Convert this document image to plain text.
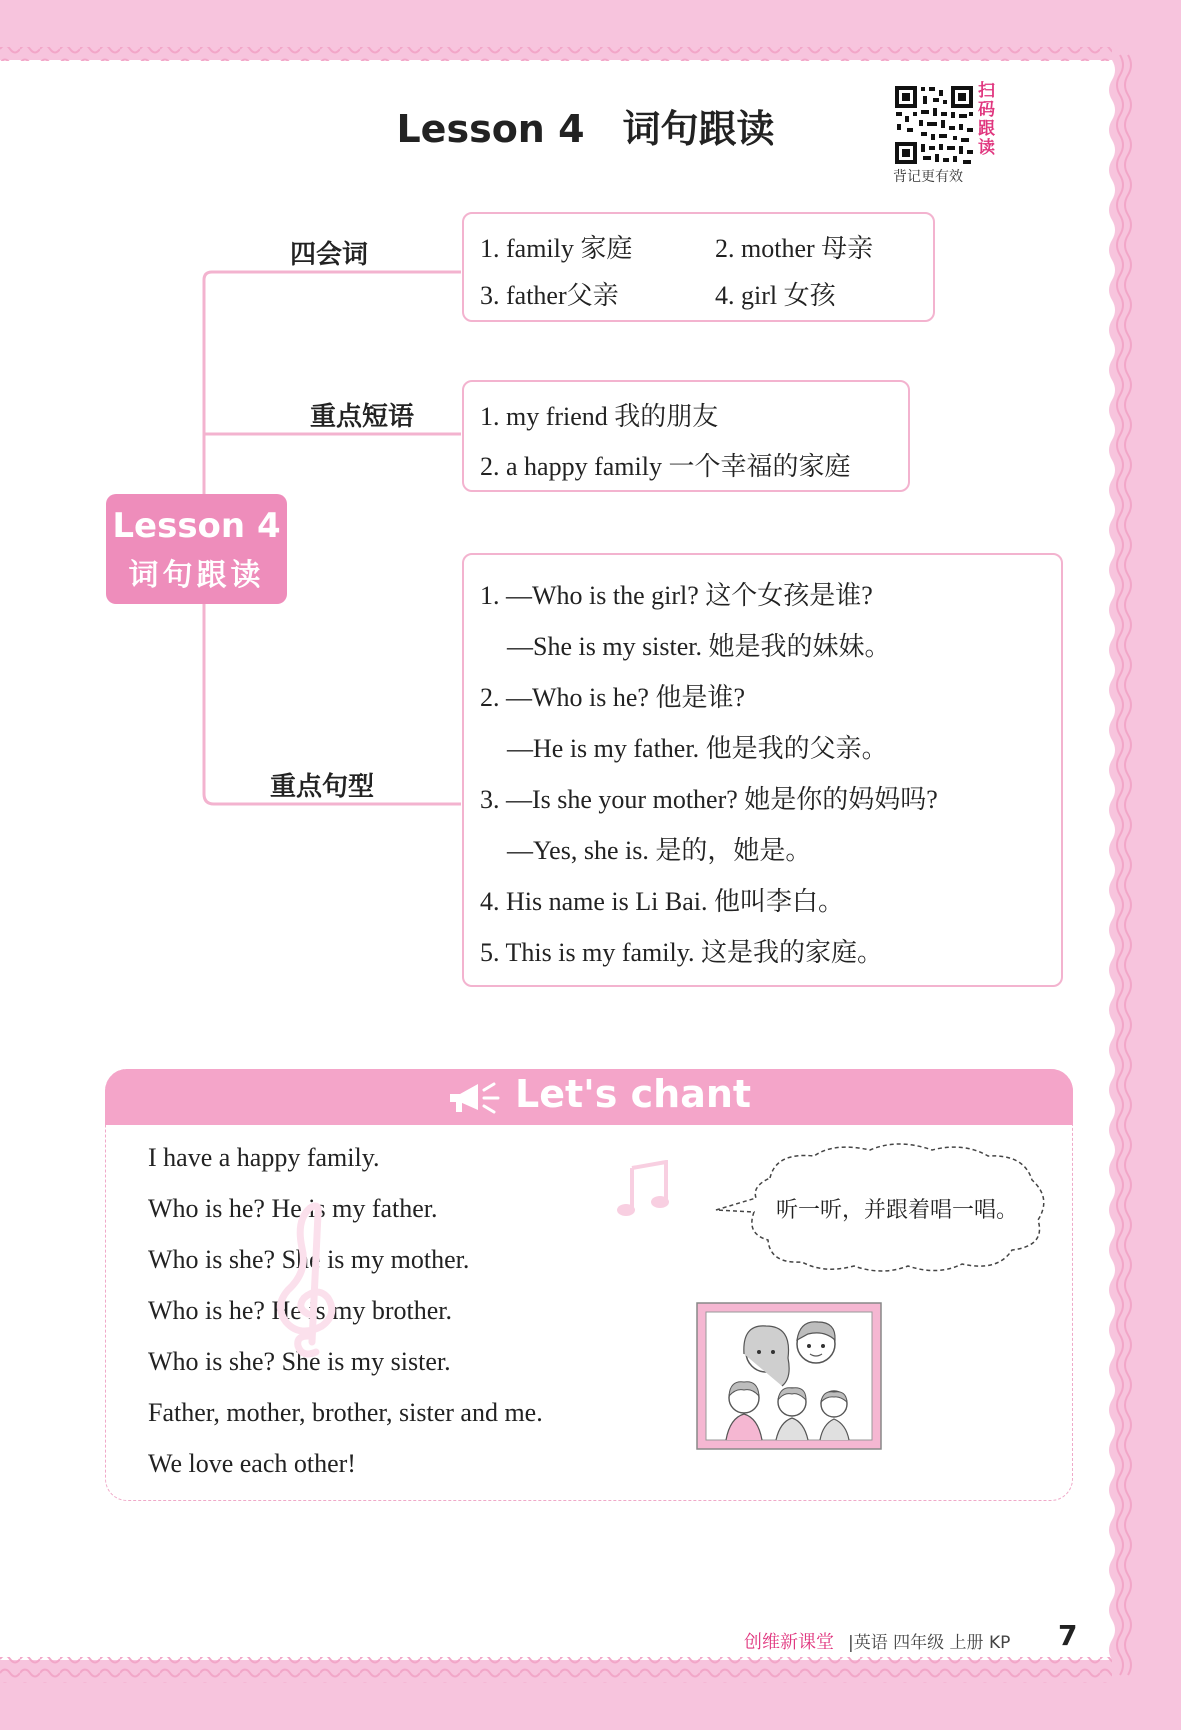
Lesson 4　词句跟读
扫
码
跟
读
背记更有效
Lesson 4
词句跟读
四会词
重点短语
重点句型
1. family 家庭	2. mother 母亲
3. father父亲	4. girl 女孩
1. my friend 我的朋友
2. a happy family 一个幸福的家庭
1. —Who is the girl? 这个女孩是谁?
—She is my sister. 她是我的妹妹。
2. —Who is he? 他是谁?
—He is my father. 他是我的父亲。
3. —Is she your mother? 她是你的妈妈吗?
—Yes, she is. 是的，她是。
4. His name is Li Bai. 他叫李白。
5. This is my family. 这是我的家庭。
Let's chant
I have a happy family.
Who is he? He is my father.
Who is she? She is my mother.
Who is he? He is my brother.
Who is she? She is my sister.
Father, mother, brother, sister and me.
We love each other!
听一听，并跟着唱一唱。
创维新课堂 |英语 四年级 上册 KP 7
